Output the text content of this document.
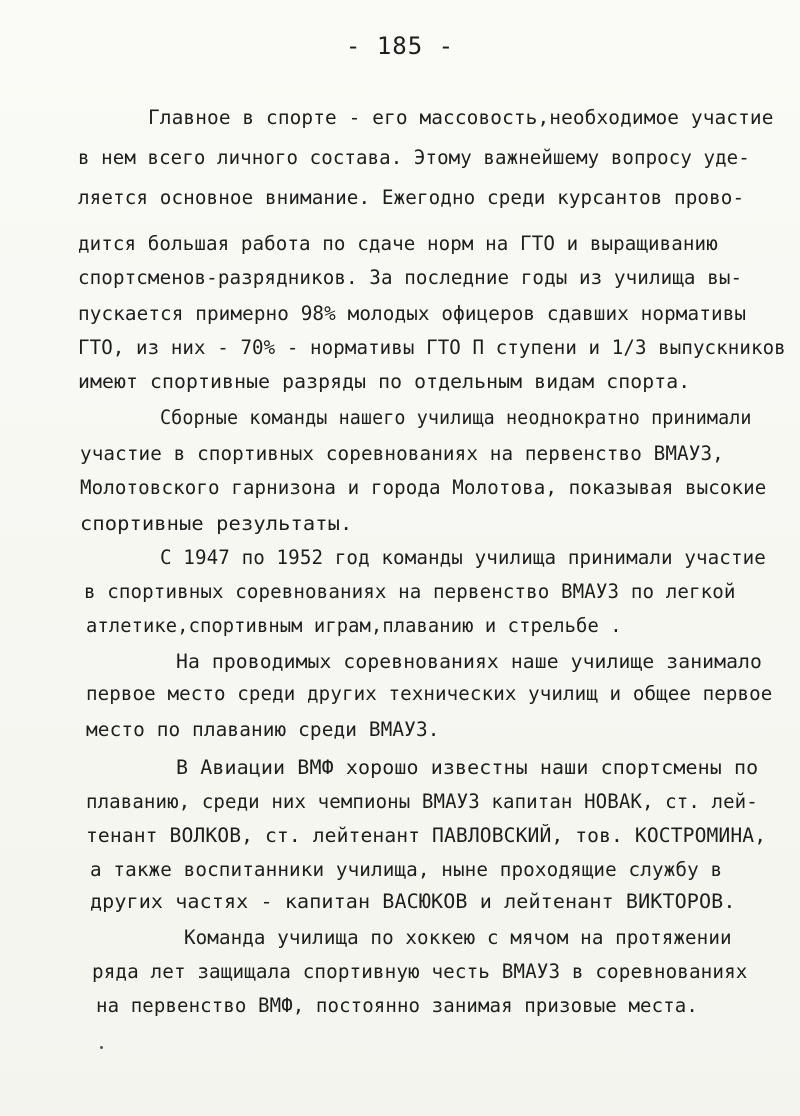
- 185 -
Главное в спорте - его массовость,необходимое участие
в нем всего личного состава. Этому важнейшему вопросу уде-
ляется основное внимание. Ежегодно среди курсантов прово-
дится большая работа по сдаче норм на ГТО и выращиванию
спортсменов-разрядников. За последние годы из училища вы-
пускается примерно 98% молодых офицеров сдавших нормативы
ГТО, из них - 70% - нормативы ГТО П ступени и 1/3 выпускников
имеют спортивные разряды по отдельным видам спорта.
Сборные команды нашего училища неоднократно принимали
участие в спортивных соревнованиях на первенство ВМАУЗ,
Молотовского гарнизона и города Молотова, показывая высокие
спортивные результаты.
С 1947 по 1952 год команды училища принимали участие
в спортивных соревнованиях на первенство ВМАУЗ по легкой
атлетике,спортивным играм,плаванию и стрельбе .
На проводимых соревнованиях наше училище занимало
первое место среди других технических училищ и общее первое
место по плаванию среди ВМАУЗ.
В Авиации ВМФ хорошо известны наши спортсмены по
плаванию, среди них чемпионы ВМАУЗ капитан НОВАК, ст. лей-
тенант ВОЛКОВ, ст. лейтенант ПАВЛОВСКИЙ, тов. КОСТРОМИНА,
а также воспитанники училища, ныне проходящие службу в
других частях - капитан ВАСЮКОВ и лейтенант ВИКТОРОВ.
Команда училища по хоккею с мячом на протяжении
ряда лет защищала спортивную честь ВМАУЗ в соревнованиях
на первенство ВМФ, постоянно занимая призовые места.
